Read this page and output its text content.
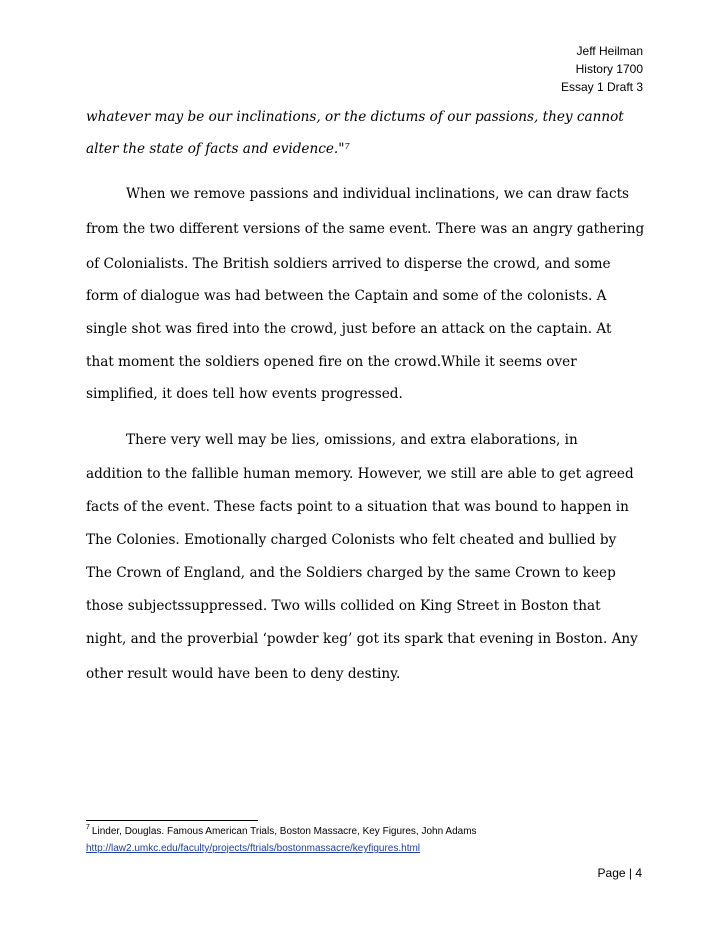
Jeff Heilman
History 1700
Essay 1 Draft 3
whatever may be our inclinations, or the dictums of our passions, they cannot
alter the state of facts and evidence."$^7$
When we remove passions and individual inclinations, we can draw facts
from the two different versions of the same event. There was an angry gathering
of Colonialists. The British soldiers arrived to disperse the crowd, and some
form of dialogue was had between the Captain and some of the colonists. A
single shot was fired into the crowd, just before an attack on the captain. At
that moment the soldiers opened fire on the crowd.While it seems over
simplified, it does tell how events progressed.
There very well may be lies, omissions, and extra elaborations, in
addition to the fallible human memory. However, we still are able to get agreed
facts of the event. These facts point to a situation that was bound to happen in
The Colonies. Emotionally charged Colonists who felt cheated and bullied by
The Crown of England, and the Soldiers charged by the same Crown to keep
those subjectssuppressed. Two wills collided on King Street in Boston that
night, and the proverbial ‘powder keg’ got its spark that evening in Boston. Any
other result would have been to deny destiny.
$^7$ Linder, Douglas. Famous American Trials, Boston Massacre, Key Figures, John Adams
http://law2.umkc.edu/faculty/projects/ftrials/bostonmassacre/keyfigures.html
Page | 4
